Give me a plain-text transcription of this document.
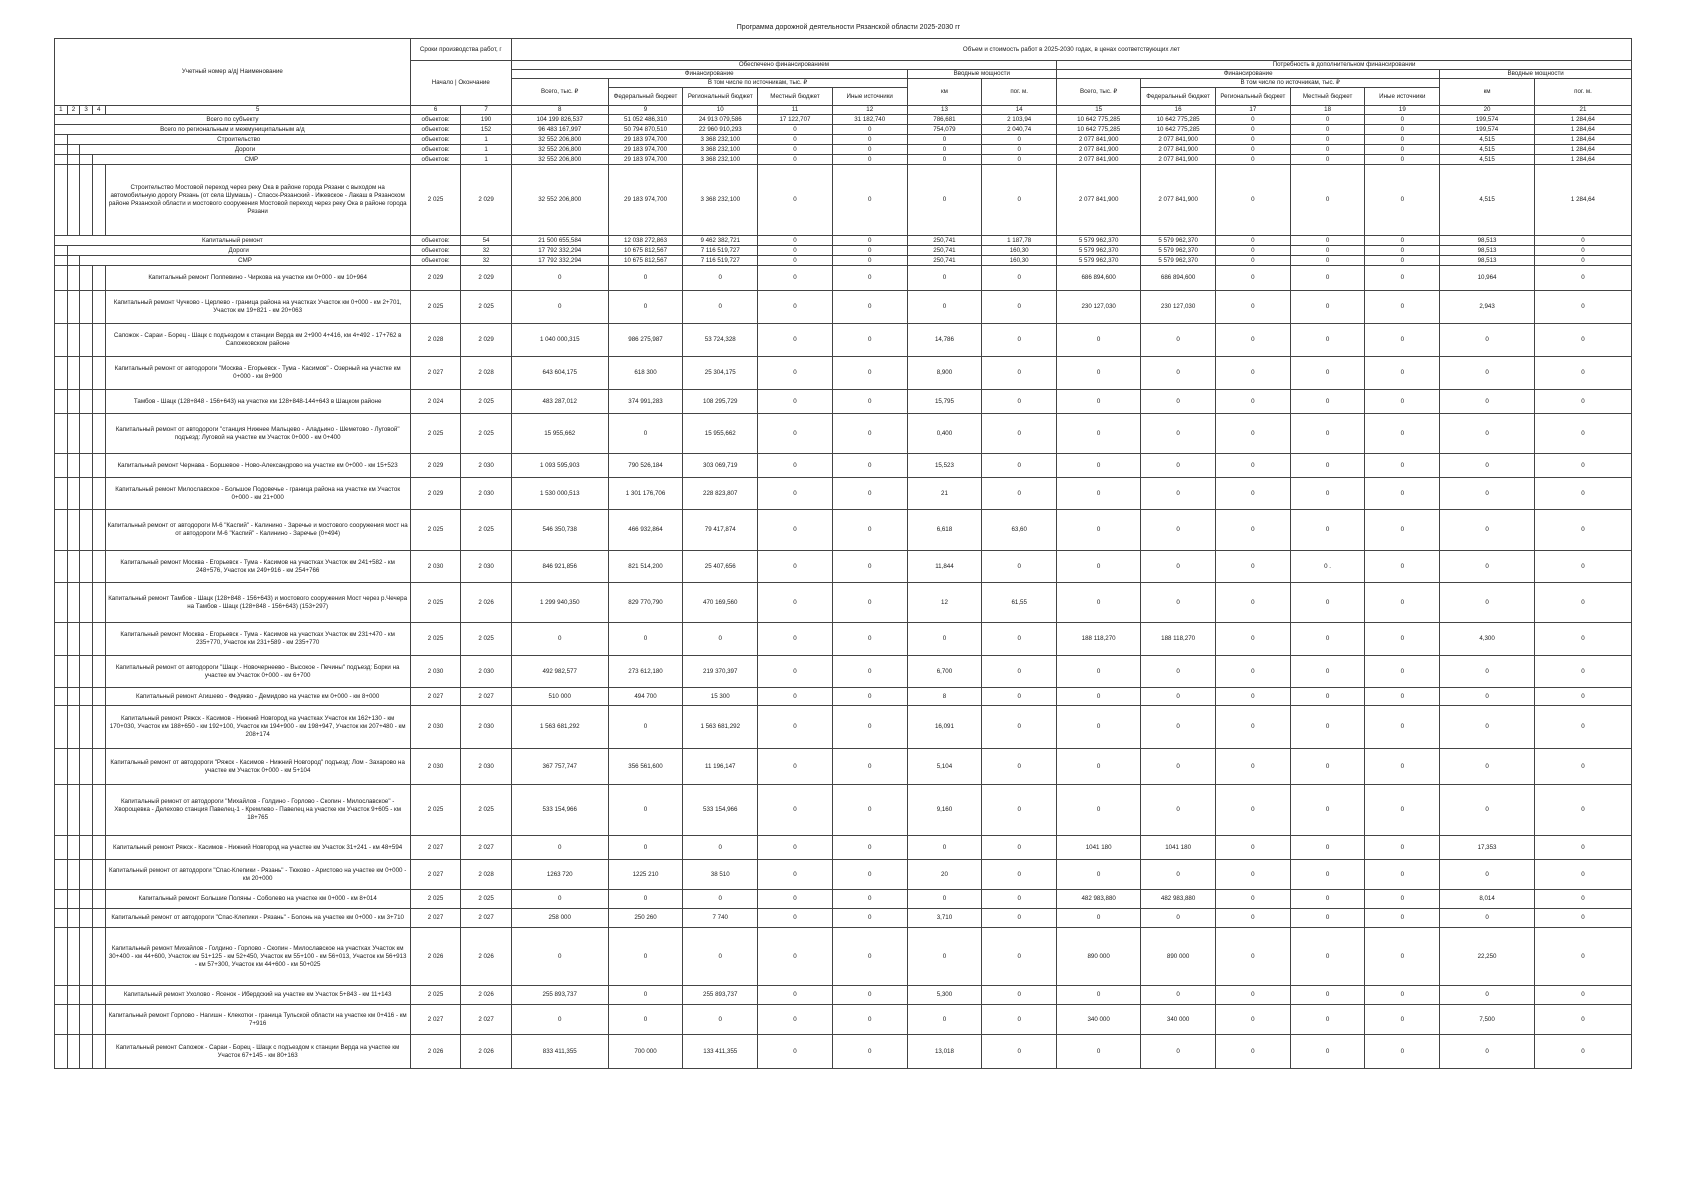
Программа дорожной деятельности Рязанской области 2025-2030 гг
Учетный номер а/д| Наименование					Сроки производства работ, г		Объем и стоимость работ в 2025-2030 годах, в ценах соответствующих лет													
					Начало | Окончание															
							Обеспечено финансированием							Потребность в дополнительном финансировании						
							Финансирование					Вводные мощности		Финансирование					Вводные мощности	
							Всего, тыс. ₽	В том числе по источникам, тыс. ₽				км	пог. м.	Всего, тыс. ₽	В том числе по источникам, тыс. ₽				км	пог. м.
								Федеральный бюджет	Региональный бюджет	Местный бюджет	Иные источники				Федеральный бюджет	Региональный бюджет	Местный бюджет	Иные источники		
1	2	3	4	5	6	7	8	9	10	11	12	13	14	15	16	17	18	19	20	21
Всего по субъекту					объектов:	190	104 199 826,537	51 052 486,310	24 913 079,586	17 122,707	31 182,740	786,681	2 103,94	10 642 775,285	10 642 775,285	0	0	0	199,574	1 284,64
Всего по региональным и межмуниципальным а/д					объектов:	152	96 483 167,997	50 794 870,510	22 960 910,293	0	0	754,079	2 040,74	10 642 775,285	10 642 775,285	0	0	0	199,574	1 284,64
	Строительство				объектов:	1	32 552 206,800	29 183 974,700	3 368 232,100	0	0	0	0	2 077 841,900	2 077 841,900	0	0	0	4,515	1 284,64
		Дороги			объектов:	1	32 552 206,800	29 183 974,700	3 368 232,100	0	0	0	0	2 077 841,900	2 077 841,900	0	0	0	4,515	1 284,64
			СМР		объектов:	1	32 552 206,800	29 183 974,700	3 368 232,100	0	0	0	0	2 077 841,900	2 077 841,900	0	0	0	4,515	1 284,64
				Строительство Мостовой переход через реку Ока в районе города Рязани с выходом на автомобильную дорогу Рязань (от села Шумашь) - Спасск-Рязанский - Ижевское - Лакаш в Рязанском районе Рязанской области и мостового сооружения Мостовой переход через реку Ока в районе города Рязани	2 025	2 029	32 552 206,800	29 183 974,700	3 368 232,100	0	0	0	0	2 077 841,900	2 077 841,900	0	0	0	4,515	1 284,64
Капитальный ремонт					объектов:	54	21 500 655,584	12 038 272,863	9 462 382,721	0	0	250,741	1 187,78	5 579 962,370	5 579 962,370	0	0	0	98,513	0
	Дороги				объектов:	32	17 792 332,294	10 675 812,567	7 116 519,727	0	0	250,741	160,30	5 579 962,370	5 579 962,370	0	0	0	98,513	0
		СМР			объектов:	32	17 792 332,294	10 675 812,567	7 116 519,727	0	0	250,741	160,30	5 579 962,370	5 579 962,370	0	0	0	98,513	0
				Капитальный ремонт Полпевино - Чиркова на участке км 0+000 - км 10+964	2 029	2 029	0	0	0	0	0	0	0	686 894,600	686 894,600	0	0	0	10,964	0
				Капитальный ремонт Чучково - Церлево - граница района на участках Участок км 0+000 - км 2+701, Участок км 19+821 - км 20+063	2 025	2 025	0	0	0	0	0	0	0	230 127,030	230 127,030	0	0	0	2,943	0
				Сапожок - Сараи - Борец - Шацк с подъездом к станции Верда км 2+900 4+416, км 4+492 - 17+762 в Сапожковском районе	2 028	2 029	1 040 000,315	986 275,987	53 724,328	0	0	14,786	0	0	0	0	0	0	0	0
				Капитальный ремонт от автодороги "Москва - Егорьевск - Тума - Касимов" - Озерный на участке км 0+000 - км 8+900	2 027	2 028	643 604,175	618 300	25 304,175	0	0	8,900	0	0	0	0	0	0	0	0
				Тамбов - Шацк (128+848 - 156+643) на участке км 128+848-144+643 в Шацком районе	2 024	2 025	483 287,012	374 991,283	108 295,729	0	0	15,795	0	0	0	0	0	0	0	0
				Капитальный ремонт от автодороги "станция Нижнее Мальцево - Аладьино - Шеметово - Луговой" подъезд: Луговой на участке км Участок 0+000 - км 0+400	2 025	2 025	15 955,662	0	15 955,662	0	0	0,400	0	0	0	0	0	0	0	0
				Капитальный ремонт Чернава - Боршевое - Ново-Александрово на участке км 0+000 - км 15+523	2 029	2 030	1 093 595,903	790 526,184	303 069,719	0	0	15,523	0	0	0	0	0	0	0	0
				Капитальный ремонт Милославское - Большое Подовечье - граница района на участке км Участок 0+000 - км 21+000	2 029	2 030	1 530 000,513	1 301 176,706	228 823,807	0	0	21	0	0	0	0	0	0	0	0
				Капитальный ремонт от автодороги М-6 "Каспий" - Калинино - Заречье и мостового сооружения мост на от автодороги М-6 "Каспий" - Калинино - Заречье (0+494)	2 025	2 025	546 350,738	466 932,864	79 417,874	0	0	6,618	63,60	0	0	0	0	0	0	0
				Капитальный ремонт Москва - Егорьевск - Тума - Касимов на участках Участок км 241+582 - км 248+576, Участок км 249+916 - км 254+766	2 030	2 030	846 921,856	821 514,200	25 407,656	0	0	11,844	0	0	0	0	0 .	0	0	0
				Капитальный ремонт Тамбов - Шацк (128+848 - 156+643) и мостового сооружения Мост через р.Чечера на Тамбов - Шацк (128+848 - 156+643) (153+297)	2 025	2 026	1 299 940,350	829 770,790	470 169,560	0	0	12	61,55	0	0	0	0	0	0	0
				Капитальный ремонт Москва - Егорьевск - Тума - Касимов на участках Участок км 231+470 - км 235+770, Участок км 231+589 - км 235+770	2 025	2 025	0	0	0	0	0	0	0	188 118,270	188 118,270	0	0	0	4,300	0
				Капитальный ремонт от автодороги "Шацк - Новочернеево - Высокое - Печины" подъезд: Борки на участке км Участок 0+000 - км 6+700	2 030	2 030	492 982,577	273 612,180	219 370,397	0	0	6,700	0	0	0	0	0	0	0	0
				Капитальный ремонт Агишево - Федякво - Демидово на участке км 0+000 - км 8+000	2 027	2 027	510 000	494 700	15 300	0	0	8	0	0	0	0	0	0	0	0
				Капитальный ремонт Ряжск - Касимов - Нижний Новгород на участках Участок км 162+130 - км 170+030, Участок км 188+650 - км 192+100, Участок км 194+900 - км 198+947, Участок км 207+480 - км 208+174	2 030	2 030	1 563 681,292	0	1 563 681,292	0	0	16,091	0	0	0	0	0	0	0	0
				Капитальный ремонт от автодороги "Ряжск - Касимов - Нижний Новгород" подъезд: Лом - Захарово на участке км Участок 0+000 - км 5+104	2 030	2 030	367 757,747	356 561,600	11 196,147	0	0	5,104	0	0	0	0	0	0	0	0
				Капитальный ремонт от автодороги "Михайлов - Голдино - Горлово - Скопин - Милославское" - Хворощевка - Делехово станция Павелец-1 - Кремлево - Павелец на участке км Участок 9+605 - км 18+765	2 025	2 025	533 154,966	0	533 154,966	0	0	9,160	0	0	0	0	0	0	0	0
				Капитальный ремонт Ряжск - Касимов - Нижний Новгород на участке км Участок 31+241 - км 48+594	2 027	2 027	0	0	0	0	0	0	0	1041 180	1041 180	0	0	0	17,353	0
				Капитальный ремонт от автодороги "Спас-Клепики - Рязань" - Тюково - Аристово на участке км 0+000 - км 20+000	2 027	2 028	1263 720	1225 210	38 510	0	0	20	0	0	0	0	0	0	0	0
				Капитальный ремонт Большие Поляны - Соболево на участке км 0+000 - км 8+014	2 025	2 025	0	0	0	0	0	0	0	482 983,880	482 983,880	0	0	0	8,014	0
				Капитальный ремонт от автодороги "Спас-Клепики - Рязань" - Болонь на участке км 0+000 - км 3+710	2 027	2 027	258 000	250 260	7 740	0	0	3,710	0	0	0	0	0	0	0	0
				Капитальный ремонт Михайлов - Голдино - Горлово - Скопин - Милославское на участках Участок км 30+400 - км 44+600, Участок км 51+125 - км 52+450, Участок км 55+100 - км 56+013, Участок км 56+913 - км 57+300, Участок км 44+600 - км 50+025	2 026	2 026	0	0	0	0	0	0	0	890 000	890 000	0	0	0	22,250	0
				Капитальный ремонт Ухолово - Ясенок - Ибердский на участке км Участок 5+843 - км 11+143	2 025	2 026	255 893,737	0	255 893,737	0	0	5,300	0	0	0	0	0	0	0	0
				Капитальный ремонт Горлово - Нагишн - Клекотки - граница Тульской области на участке км 0+416 - км 7+916	2 027	2 027	0	0	0	0	0	0	0	340 000	340 000	0	0	0	7,500	0
				Капитальный ремонт Сапожок - Сараи - Борец - Шацк с подъездом к станции Верда на участке км Участок 67+145 - км 80+163	2 026	2 026	833 411,355	700 000	133 411,355	0	0	13,018	0	0	0	0	0	0	0	0
